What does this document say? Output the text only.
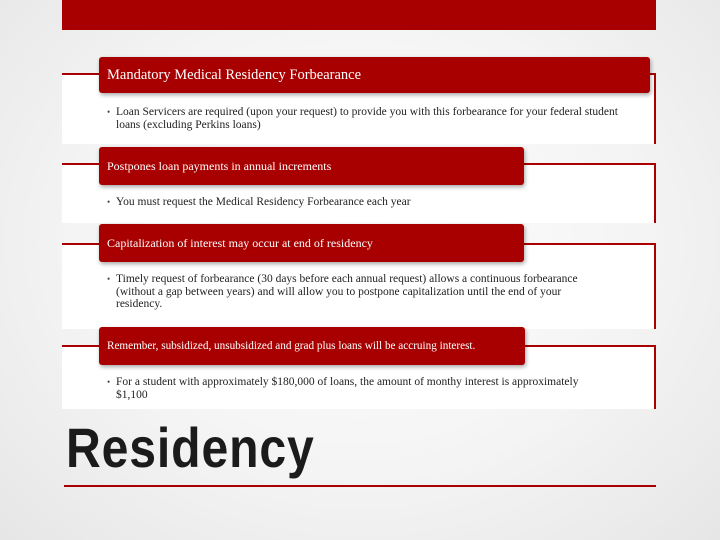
Mandatory Medical Residency Forbearance
• Loan Servicers are required (upon your request) to provide you with this forbearance for your federal student loans (excluding Perkins loans)
Postpones loan payments in annual increments
• You must request the Medical Residency Forbearance each year
Capitalization of interest may occur at end of residency
• Timely request of forbearance (30 days before each annual request) allows a continuous forbearance (without a gap between years) and will allow you to postpone capitalization until the end of your residency.
Remember, subsidized, unsubsidized and grad plus loans will be accruing interest.
• For a student with approximately $180,000 of loans, the amount of monthy interest is approximately $1,100
Residency
